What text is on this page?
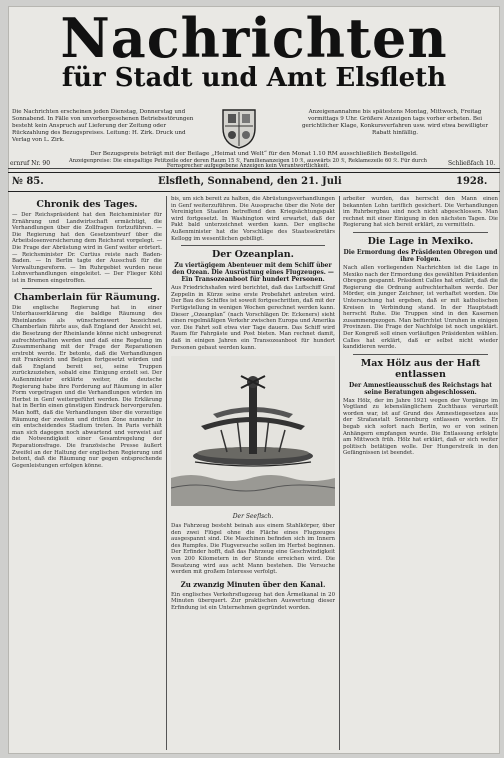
Nachrichten
für Stadt und Amt Elsfleth
Die Nachrichten erscheinen jeden Dienstag, Donnerstag und Sonnabend. In Fälle von unvorhergesehenen Betriebsstörungen besteht kein Anspruch auf Lieferung der Zeitung oder Rückzahlung des Bezugspreises. Leitung: H. Zirk. Druck und Verlag von L. Zirk.
Anzeigenannahme bis spätestens Montag, Mittwoch, Freitag vormittags 9 Uhr. Größere Anzeigen tags vorher erbeten. Bei gerichtlicher Klage, Konkursverfahren usw. wird etwa bewilligter Rabatt hinfällig.
Der Bezugspreis beträgt mit der Beilage „Heimat und Welt“ für den Monat 1.10 RM ausschließlich Bestellgeld.
ernruf Nr. 90	Anzeigenpreise: Die einspaltige Petitzeile oder deren Raum 15 ℛ, Familienanzeigen 10 ℛ, auswärts 20 ℛ, Reklamezeile 60 ℛ. Für durch Fernsprecher aufgegebene Anzeigen kein Verantwortlichkeit.	Schließfach 10.
№ 85.	Elsfleth, Sonnabend, den 21. Juli	1928.
Chronik des Tages.

— Der Reichspräsident hat den Reichsminister für Ernährung und Landwirtschaft ermächtigt, die Verhandlungen über die Zollfragen fortzuführen. — Die Regierung hat den Gesetzentwurf über die Arbeitslosenversicherung dem Reichsrat vorgelegt. — Die Frage der Abrüstung wird in Genf weiter erörtert. — Reichsminister Dr. Curtius reiste nach Baden-Baden. — In Berlin tagte der Ausschuß für die Verwaltungsreform. — Im Ruhrgebiet wurden neue Lohnverhandlungen eingeleitet. — Der Flieger Köhl ist in Bremen eingetroffen.

Chamberlain für Räumung.

Die englische Regierung hat in einer Unterhauserklärung die baldige Räumung des Rheinlandes als wünschenswert bezeichnet. Chamberlain führte aus, daß England der Ansicht sei, die Besetzung der Rheinlande könne nicht unbegrenzt aufrechterhalten werden und daß eine Regelung im Zusammenhang mit der Frage der Reparationen erstrebt werde. Er betonte, daß die Verhandlungen mit Frankreich und Belgien fortgesetzt würden und daß England bereit sei, seine Truppen zurückzuziehen, sobald eine Einigung erzielt sei. Der Außenminister erklärte weiter, die deutsche Regierung habe ihre Forderung auf Räumung in aller Form vorgetragen und die Verhandlungen würden im Herbst in Genf weitergeführt werden. Die Erklärung hat in Berlin einen günstigen Eindruck hervorgerufen. Man hofft, daß die Verhandlungen über die vorzeitige Räumung der zweiten und dritten Zone nunmehr in ein entscheidendes Stadium treten. In Paris verhält man sich dagegen noch abwartend und verweist auf die Notwendigkeit einer Gesamtregelung der Reparationsfrage. Die französische Presse äußert Zweifel an der Haltung der englischen Regierung und betont, daß die Räumung nur gegen entsprechende Gegenleistungen erfolgen könne.

bis, um sich bereit zu halten, die Abrüstungsverhandlungen in Genf weiterzuführen. Die Aussprache über die Note der Vereinigten Staaten betreffend den Kriegsächtungspakt wird fortgesetzt. In Washington wird erwartet, daß der Pakt bald unterzeichnet werden kann. Der englische Außenminister hat die Vorschläge des Staatssekretärs Kellogg im wesentlichen gebilligt.

Der Ozeanplan.
Zu viertägigem Abenteuer mit dem Schiff über den Ozean. Die Ausrüstung eines Flugzeuges. — Ein Transozeanboot für hundert Personen.

Aus Friedrichshafen wird berichtet, daß das Luftschiff Graf Zeppelin in Kürze seine erste Probefahrt antreten wird. Der Bau des Schiffes ist soweit fortgeschritten, daß mit der Fertigstellung in wenigen Wochen gerechnet werden kann. Dieser „Ozeanplan“ (nach Vorschlägen Dr. Eckeners) sieht einen regelmäßigen Verkehr zwischen Europa und Amerika vor. Die Fahrt soll etwa vier Tage dauern. Das Schiff wird Raum für Fahrgäste und Post bieten. Man rechnet damit, daß in einigen Jahren ein Transozeanboot für hundert Personen gebaut werden kann.

Der Seeflsch.

Das Fahrzeug besteht beinah aus einem Stahlkörper, über den zwei Flügel ohne die Fläche eines Flugzeuges ausgespannt sind. Die Maschinen befinden sich im Innern des Rumpfes. Die Flugversuche sollen im Herbst beginnen. Der Erfinder hofft, daß das Fahrzeug eine Geschwindigkeit von 200 Kilometern in der Stunde erreichen wird. Die Besatzung wird aus acht Mann bestehen. Die Versuche werden mit großem Interesse verfolgt.

Zu zwanzig Minuten über den Kanal.

Ein englisches Verkehrsflugzeug hat den Ärmelkanal in 20 Minuten überquert. Zur praktischen Auswertung dieser Erfindung ist ein Unternehmen gegründet worden.

arbeiter wurden, das herrscht den Mann einen bekannten Lohn tariflich gesichert. Die Verhandlungen im Ruhrbergbau sind noch nicht abgeschlossen. Man rechnet mit einer Einigung in den nächsten Tagen. Die Regierung hat sich bereit erklärt, zu vermitteln.

Die Lage in Mexiko.
Die Ermordung des Präsidenten Obregon und ihre Folgen.

Nach allen vorliegenden Nachrichten ist die Lage in Mexiko nach der Ermordung des gewählten Präsidenten Obregon gespannt. Präsident Calles hat erklärt, daß die Regierung die Ordnung aufrechterhalten werde. Der Mörder, ein junger Zeichner, ist verhaftet worden. Die Untersuchung hat ergeben, daß er mit katholischen Kreisen in Verbindung stand. In der Hauptstadt herrscht Ruhe. Die Truppen sind in den Kasernen zusammengezogen. Man befürchtet Unruhen in einigen Provinzen. Die Frage der Nachfolge ist noch ungeklärt. Der Kongreß soll einen vorläufigen Präsidenten wählen. Calles hat erklärt, daß er selbst nicht wieder kandidieren werde.

Max Hölz aus der Haft entlassen
Der Amnestieausschuß des Reichstags hat seine Beratungen abgeschlossen.

Max Hölz, der im Jahre 1921 wegen der Vorgänge im Vogtland zu lebenslänglichem Zuchthaus verurteilt worden war, ist auf Grund des Amnestiegesetzes aus der Strafanstalt Sonnenburg entlassen worden. Er begab sich sofort nach Berlin, wo er von seinen Anhängern empfangen wurde. Die Entlassung erfolgte am Mittwoch früh. Hölz hat erklärt, daß er sich weiter politisch betätigen wolle. Der Hungerstreik in den Gefängnissen ist beendet.
